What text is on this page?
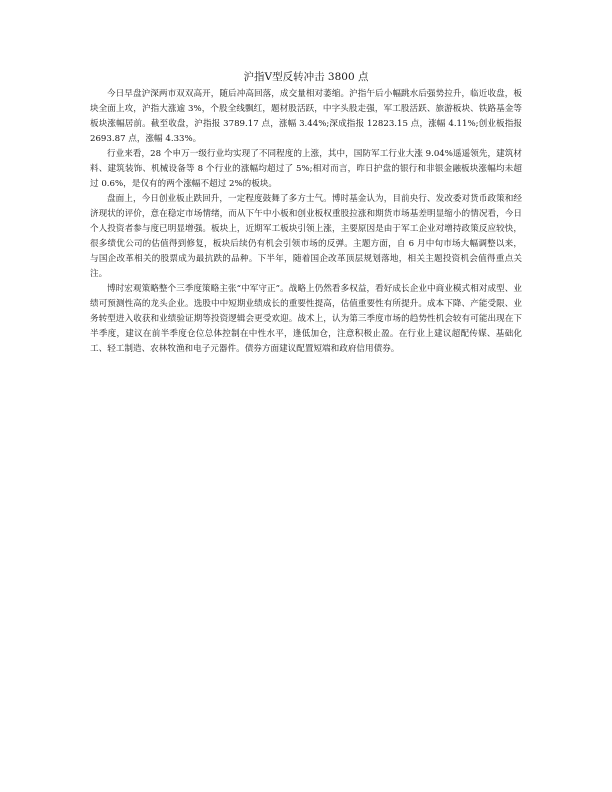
沪指Ⅴ型反转冲击 3800 点

今日早盘沪深两市双双高开，随后冲高回落，成交量相对萎缩。沪指午后小幅跳水后强势拉升，临近收盘，板块全面上攻，沪指大涨逾 3%，个股全线飘红，题材股活跃，中字头股走强，军工股活跃、旅游板块、铁路基金等板块涨幅居前。截至收盘，沪指报 3789.17 点，涨幅 3.44%;深成指报 12823.15 点，涨幅 4.11%;创业板指报 2693.87 点，涨幅 4.33%。

行业来看，28 个申万一级行业均实现了不同程度的上涨，其中，国防军工行业大涨 9.04%遥遥领先，建筑材料、建筑装饰、机械设备等 8 个行业的涨幅均超过了 5%;相对而言，昨日护盘的银行和非银金融板块涨幅均未超过 0.6%，是仅有的两个涨幅不超过 2%的板块。

盘面上，今日创业板止跌回升，一定程度鼓舞了多方士气。博时基金认为，目前央行、发改委对货币政策和经济现状的评价，意在稳定市场情绪，而从下午中小板和创业板权重股拉涨和期货市场基差明显缩小的情况看，今日个人投资者参与度已明显增强。板块上，近期军工板块引领上涨，主要原因是由于军工企业对增持政策反应较快，很多绩优公司的估值得到修复，板块后续仍有机会引领市场的反弹。主题方面，自 6 月中旬市场大幅调整以来，与国企改革相关的股票成为最抗跌的品种。下半年，随着国企改革顶层规划落地，相关主题投资机会值得重点关注。

博时宏观策略整个三季度策略主张“中军守正”。战略上仍然看多权益，看好成长企业中商业模式相对成型、业绩可预测性高的龙头企业。选股中中短期业绩成长的重要性提高，估值重要性有所提升。成本下降、产能受限、业务转型进入收获和业绩验证期等投资逻辑会更受欢迎。战术上，认为第三季度市场的趋势性机会较有可能出现在下半季度，建议在前半季度仓位总体控制在中性水平，逢低加仓，注意积极止盈。在行业上建议超配传媒、基础化工、轻工制造、农林牧渔和电子元器件。债券方面建议配置短端和政府信用债券。
